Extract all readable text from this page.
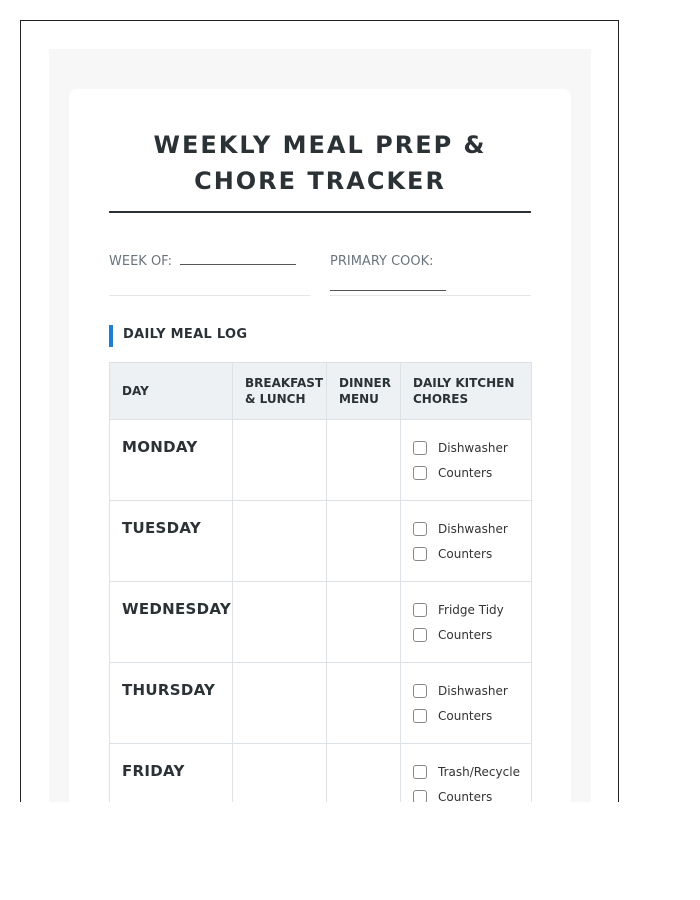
WEEKLY MEAL PREP & CHORE TRACKER
WEEK OF:	PRIMARY COOK:
DAILY MEAL LOG
DAY	BREAKFAST & LUNCH	DINNER MENU	DAILY KITCHEN CHORES

MONDAY			Dishwasher
Counters

TUESDAY			Dishwasher
Counters

WEDNESDAY			Fridge Tidy
Counters

THURSDAY			Dishwasher
Counters

FRIDAY			Trash/Recycle
Counters
